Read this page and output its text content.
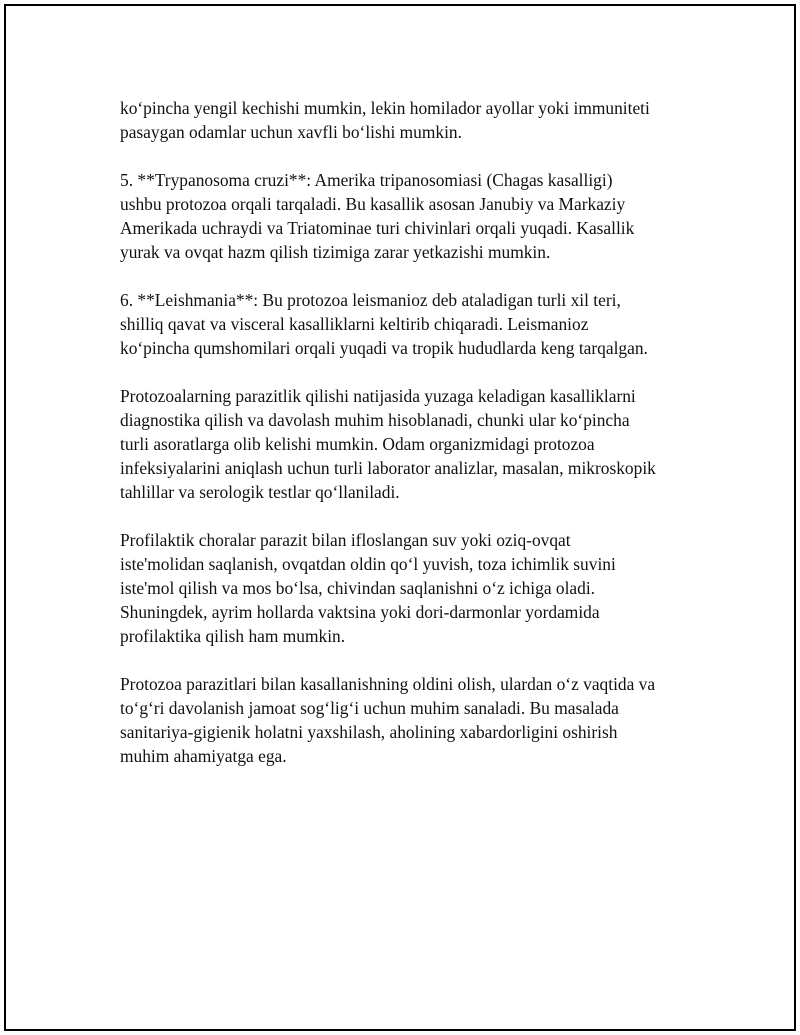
ko‘pincha yengil kechishi mumkin, lekin homilador ayollar yoki immuniteti
pasaygan odamlar uchun xavfli bo‘lishi mumkin.

5. **Trypanosoma cruzi**: Amerika tripanosomiasi (Chagas kasalligi)
ushbu protozoa orqali tarqaladi. Bu kasallik asosan Janubiy va Markaziy
Amerikada uchraydi va Triatominae turi chivinlari orqali yuqadi. Kasallik
yurak va ovqat hazm qilish tizimiga zarar yetkazishi mumkin.

6. **Leishmania**: Bu protozoa leismanioz deb ataladigan turli xil teri,
shilliq qavat va visceral kasalliklarni keltirib chiqaradi. Leismanioz
ko‘pincha qumshomilari orqali yuqadi va tropik hududlarda keng tarqalgan.

Protozoalarning parazitlik qilishi natijasida yuzaga keladigan kasalliklarni
diagnostika qilish va davolash muhim hisoblanadi, chunki ular ko‘pincha
turli asoratlarga olib kelishi mumkin. Odam organizmidagi protozoa
infeksiyalarini aniqlash uchun turli laborator analizlar, masalan, mikroskopik
tahlillar va serologik testlar qo‘llaniladi.

Profilaktik choralar parazit bilan ifloslangan suv yoki oziq-ovqat
iste'molidan saqlanish, ovqatdan oldin qo‘l yuvish, toza ichimlik suvini
iste'mol qilish va mos bo‘lsa, chivindan saqlanishni o‘z ichiga oladi.
Shuningdek, ayrim hollarda vaktsina yoki dori-darmonlar yordamida
profilaktika qilish ham mumkin.

Protozoa parazitlari bilan kasallanishning oldini olish, ulardan o‘z vaqtida va
to‘g‘ri davolanish jamoat sog‘lig‘i uchun muhim sanaladi. Bu masalada
sanitariya-gigienik holatni yaxshilash, aholining xabardorligini oshirish
muhim ahamiyatga ega.
